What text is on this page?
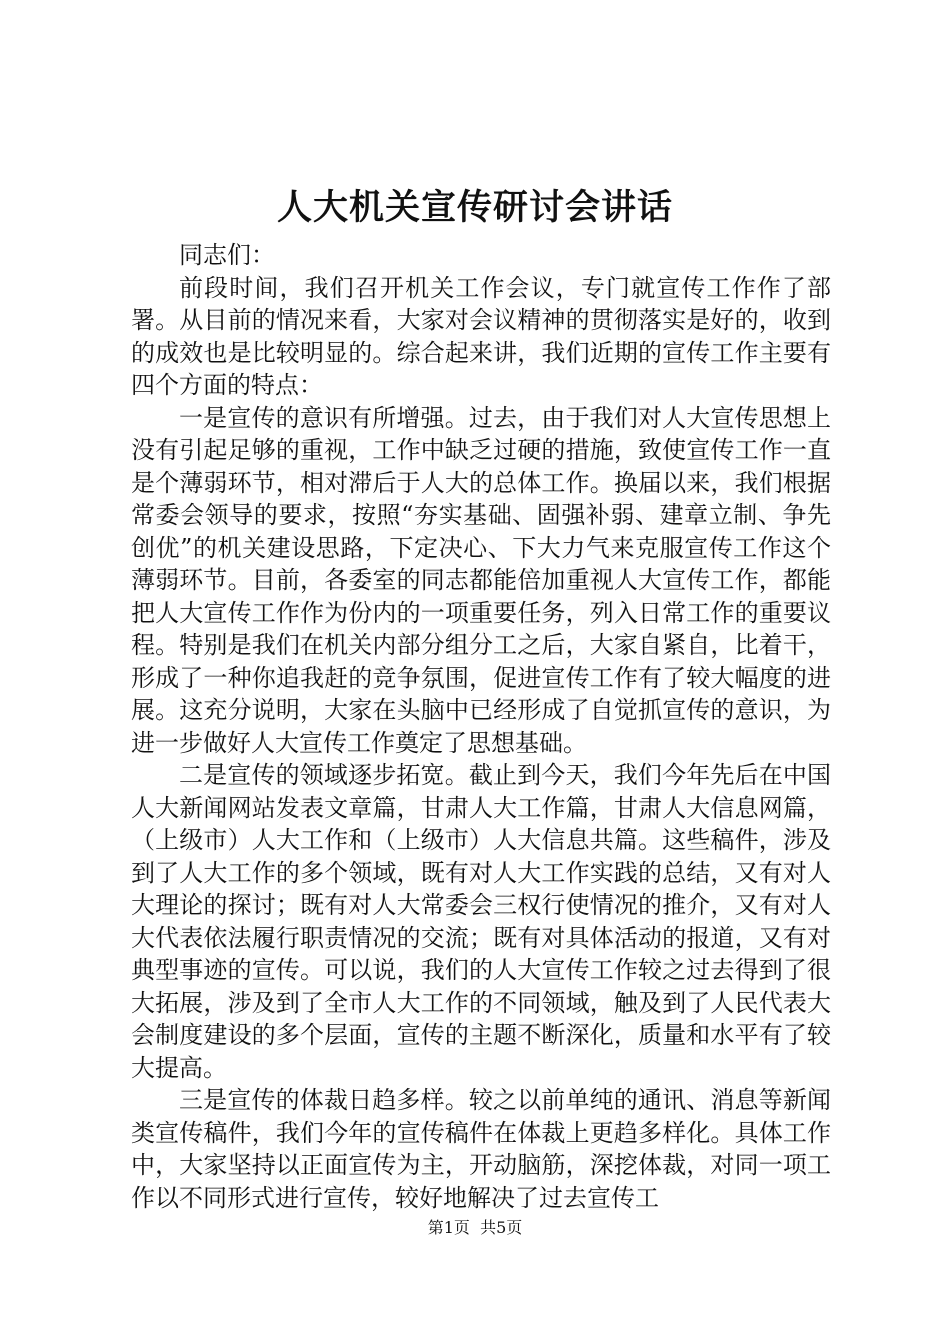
人大机关宣传研讨会讲话

同志们：

前段时间，我们召开机关工作会议，专门就宣传工作作了部署。从目前的情况来看，大家对会议精神的贯彻落实是好的，收到的成效也是比较明显的。综合起来讲，我们近期的宣传工作主要有四个方面的特点：

一是宣传的意识有所增强。过去，由于我们对人大宣传思想上没有引起足够的重视，工作中缺乏过硬的措施，致使宣传工作一直是个薄弱环节，相对滞后于人大的总体工作。换届以来，我们根据常委会领导的要求，按照“夯实基础、固强补弱、建章立制、争先创优”的机关建设思路，下定决心、下大力气来克服宣传工作这个薄弱环节。目前，各委室的同志都能倍加重视人大宣传工作，都能把人大宣传工作作为份内的一项重要任务，列入日常工作的重要议程。特别是我们在机关内部分组分工之后，大家自紧自，比着干，形成了一种你追我赶的竞争氛围，促进宣传工作有了较大幅度的进展。这充分说明，大家在头脑中已经形成了自觉抓宣传的意识，为进一步做好人大宣传工作奠定了思想基础。

二是宣传的领域逐步拓宽。截止到今天，我们今年先后在中国人大新闻网站发表文章篇，甘肃人大工作篇，甘肃人大信息网篇，（上级市）人大工作和（上级市）人大信息共篇。这些稿件，涉及到了人大工作的多个领域，既有对人大工作实践的总结，又有对人大理论的探讨；既有对人大常委会三权行使情况的推介，又有对人大代表依法履行职责情况的交流；既有对具体活动的报道，又有对典型事迹的宣传。可以说，我们的人大宣传工作较之过去得到了很大拓展，涉及到了全市人大工作的不同领域，触及到了人民代表大会制度建设的多个层面，宣传的主题不断深化，质量和水平有了较大提高。

三是宣传的体裁日趋多样。较之以前单纯的通讯、消息等新闻类宣传稿件，我们今年的宣传稿件在体裁上更趋多样化。具体工作中，大家坚持以正面宣传为主，开动脑筋，深挖体裁，对同一项工作以不同形式进行宣传，较好地解决了过去宣传工

第1页 共5页
